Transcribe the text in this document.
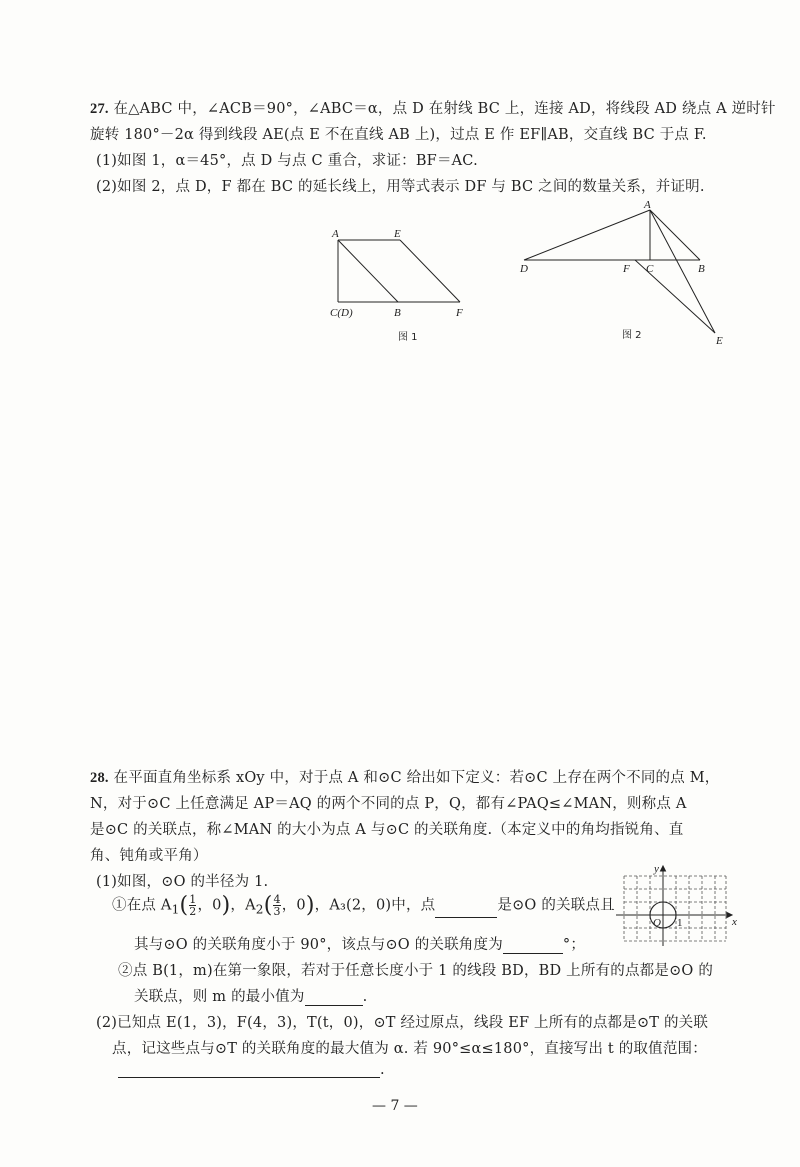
27. 在△ABC 中，∠ACB＝90°，∠ABC＝α，点 D 在射线 BC 上，连接 AD，将线段 AD 绕点 A 逆时针
旋转 180°－2α 得到线段 AE(点 E 不在直线 AB 上)，过点 E 作 EF∥AB，交直线 BC 于点 F.
(1)如图 1，α＝45°，点 D 与点 C 重合，求证：BF＝AC.
(2)如图 2，点 D，F 都在 BC 的延长线上，用等式表示 DF 与 BC 之间的数量关系，并证明.
A	E
C(D)	B	F
图 1
A
D	F C	B
E
图 2
28. 在平面直角坐标系 xOy 中，对于点 A 和⊙C 给出如下定义：若⊙C 上存在两个不同的点 M，
N，对于⊙C 上任意满足 AP＝AQ 的两个不同的点 P，Q，都有∠PAQ≤∠MAN，则称点 A
是⊙C 的关联点，称∠MAN 的大小为点 A 与⊙C 的关联角度.（本定义中的角均指锐角、直
角、钝角或平角）
(1)如图，⊙O 的半径为 1.
①在点 $A_1( \frac{1}{2}$ ，0)，$A_2( \frac{4}{3}$ ，0)，A₃(2，0)中，点	是⊙O 的关联点且
其与⊙O 的关联角度小于 90°，该点与⊙O 的关联角度为	°；
②点 B(1，m)在第一象限，若对于任意长度小于 1 的线段 BD，BD 上所有的点都是⊙O 的
关联点，则 m 的最小值为	.
(2)已知点 E(1，3)，F(4，3)，T(t，0)，⊙T 经过原点，线段 EF 上所有的点都是⊙T 的关联
点，记这些点与⊙T 的关联角度的最大值为 α. 若 90°≤α≤180°，直接写出 t 的取值范围：
.
y
x
O 1
— 7 —
